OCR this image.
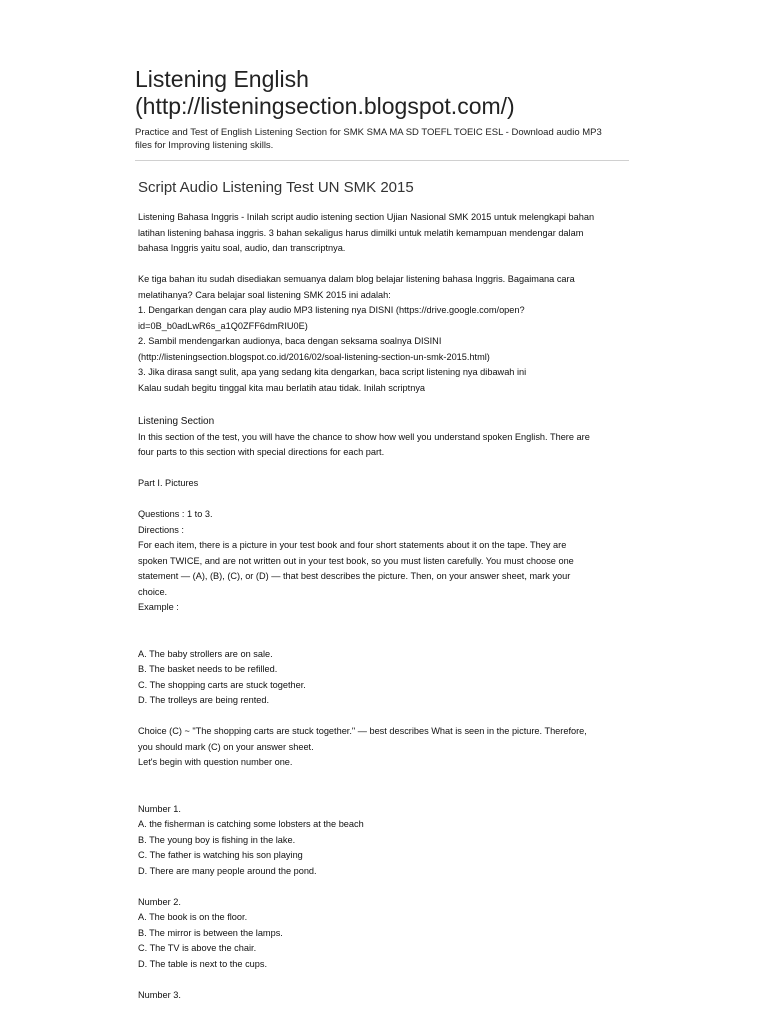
Listening English
(http://listeningsection.blogspot.com/)

Practice and Test of English Listening Section for SMK SMA MA SD TOEFL TOEIC ESL - Download audio MP3
files for Improving listening skills.

Script Audio Listening Test UN SMK 2015
Listening Bahasa Inggris - Inilah script audio istening section Ujian Nasional SMK 2015 untuk melengkapi bahan
latihan listening bahasa inggris. 3 bahan sekaligus harus dimilki untuk melatih kemampuan mendengar dalam
bahasa Inggris yaitu soal, audio, dan transcriptnya.
Ke tiga bahan itu sudah disediakan semuanya dalam blog belajar listening bahasa Inggris. Bagaimana cara
melatihanya? Cara belajar soal listening SMK 2015 ini adalah:
1. Dengarkan dengan cara play audio MP3 listening nya DISNI (https://drive.google.com/open?
id=0B_b0adLwR6s_a1Q0ZFF6dmRIU0E)
2. Sambil mendengarkan audionya, baca dengan seksama soalnya DISINI
(http://listeningsection.blogspot.co.id/2016/02/soal-listening-section-un-smk-2015.html)
3. Jika dirasa sangt sulit, apa yang sedang kita dengarkan, baca script listening nya dibawah ini
Kalau sudah begitu tinggal kita mau berlatih atau tidak. Inilah scriptnya
Listening Section
In this section of the test, you will have the chance to show how well you understand spoken English. There are
four parts to this section with special directions for each part.
Part I. Pictures
Questions : 1 to 3.
Directions :
For each item, there is a picture in your test book and four short statements about it on the tape. They are
spoken TWICE, and are not written out in your test book, so you must listen carefully. You must choose one
statement — (A), (B), (C), or (D) — that best describes the picture. Then, on your answer sheet, mark your
choice.
Example :
A. The baby strollers are on sale.
B. The basket needs to be refilled.
C. The shopping carts are stuck together.
D. The trolleys are being rented.
Choice (C) ~ "The shopping carts are stuck together." — best describes What is seen in the picture. Therefore,
you should mark (C) on your answer sheet.
Let's begin with question number one.
Number 1.
A. the fisherman is catching some lobsters at the beach
B. The young boy is fishing in the lake.
C. The father is watching his son playing
D. There are many people around the pond.
Number 2.
A. The book is on the floor.
B. The mirror is between the lamps.
C. The TV is above the chair.
D. The table is next to the cups.
Number 3.
